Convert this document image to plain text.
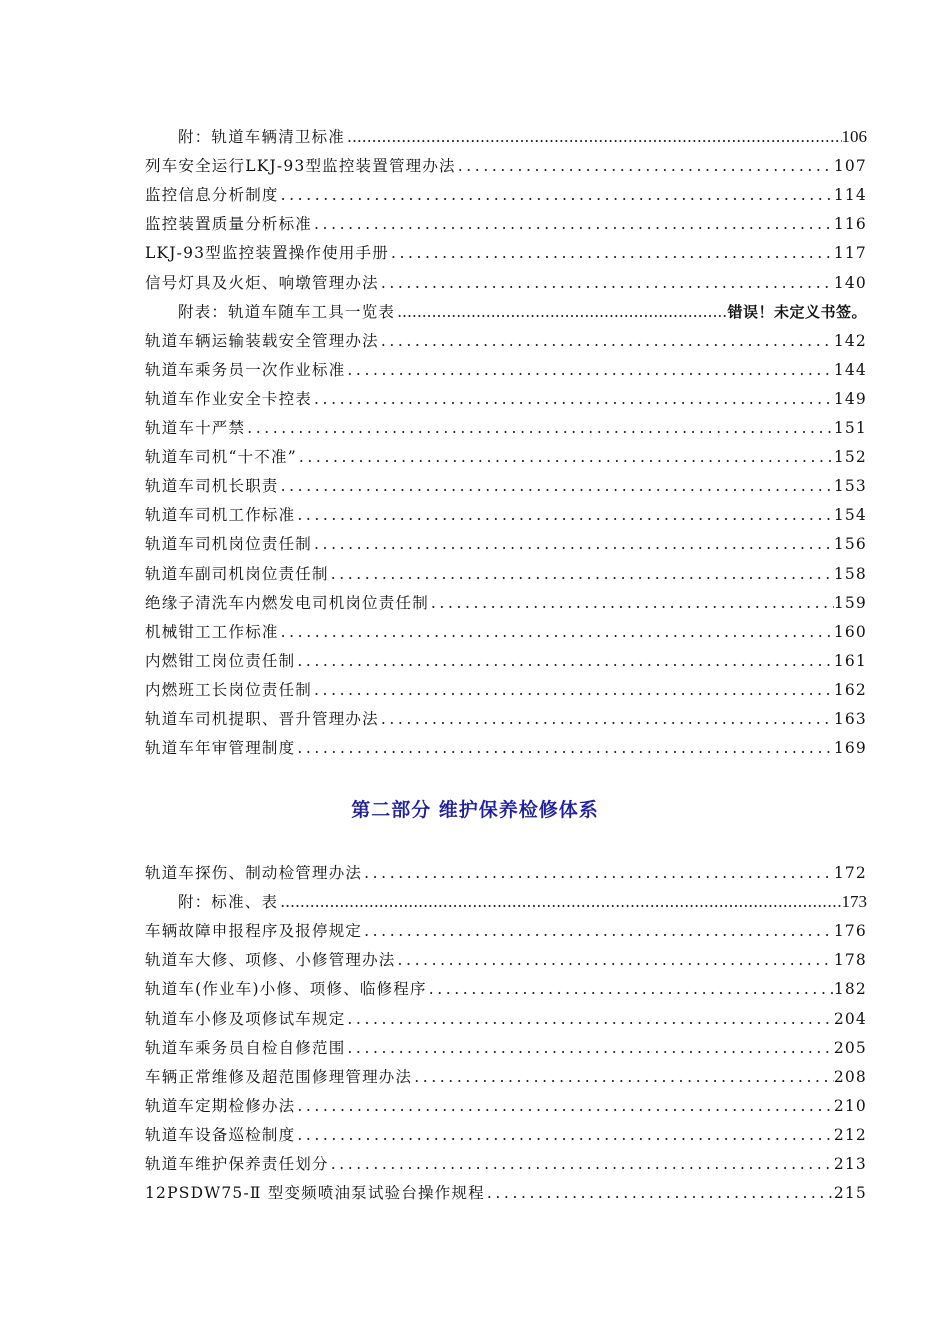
附：轨道车辆清卫标准 .....	106
列车安全运行LKJ-93型监控装置管理办法 .....	107
监控信息分析制度 .....	114
监控装置质量分析标准 .....	116
LKJ-93型监控装置操作使用手册 .....	117
信号灯具及火炬、响墩管理办法 .....	140
附表：轨道车随车工具一览表 .....	错误！未定义书签。
轨道车辆运输装载安全管理办法 .....	142
轨道车乘务员一次作业标准 .....	144
轨道车作业安全卡控表 .....	149
轨道车十严禁 .....	151
轨道车司机“十不准” .....	152
轨道车司机长职责 .....	153
轨道车司机工作标准 .....	154
轨道车司机岗位责任制 .....	156
轨道车副司机岗位责任制 .....	158
绝缘子清洗车内燃发电司机岗位责任制 .....	159
机械钳工工作标准 .....	160
内燃钳工岗位责任制 .....	161
内燃班工长岗位责任制 .....	162
轨道车司机提职、晋升管理办法 .....	163
轨道车年审管理制度 .....	169
第二部分 维护保养检修体系
轨道车探伤、制动检管理办法 .....	172
附：标准、表 .....	173
车辆故障申报程序及报停规定 .....	176
轨道车大修、项修、小修管理办法 .....	178
轨道车(作业车)小修、项修、临修程序 .....	182
轨道车小修及项修试车规定 .....	204
轨道车乘务员自检自修范围 .....	205
车辆正常维修及超范围修理管理办法 .....	208
轨道车定期检修办法 .....	210
轨道车设备巡检制度 .....	212
轨道车维护保养责任划分 .....	213
12PSDW75-Ⅱ 型变频喷油泵试验台操作规程 .....	215
